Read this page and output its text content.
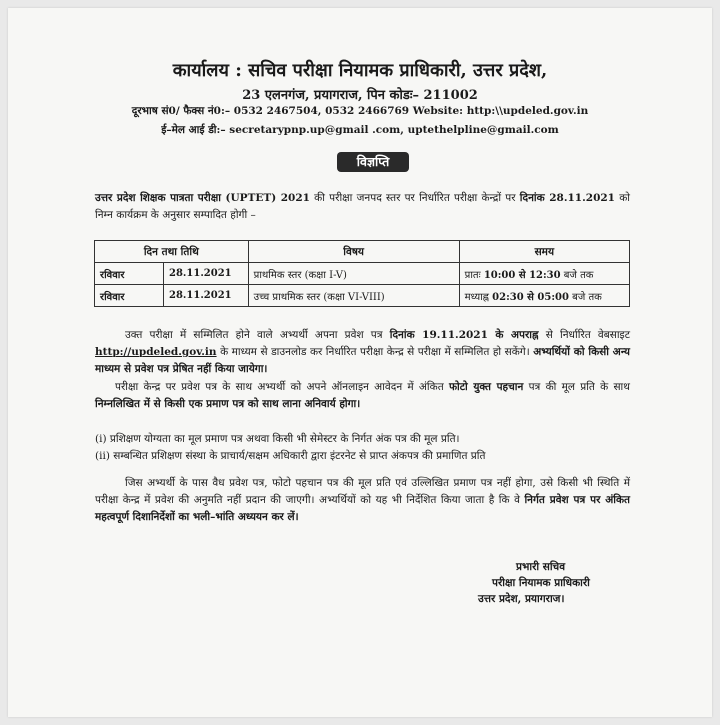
कार्यालय : सचिव परीक्षा नियामक प्राधिकारी, उत्तर प्रदेश,
23 एलनगंज, प्रयागराज, पिन कोडः– 211002
दूरभाष सं0/ फैक्स नं0:– 0532 2467504, 0532 2466769 Website: http:\\updeled.gov.in
ई–मेल आई डी:– secretarypnp.up@gmail .com, uptethelpline@gmail.com
विज्ञप्ति
उत्तर प्रदेश शिक्षक पात्रता परीक्षा (UPTET) 2021 की परीक्षा जनपद स्तर पर निर्धारित परीक्षा केन्द्रों पर दिनांक 28.11.2021 को निम्न कार्यक्रम के अनुसार सम्पादित होगी –
दिन तथा तिथि		विषय	समय
रविवार	28.11.2021	प्राथमिक स्तर (कक्षा I-V)	प्रातः 10:00 से 12:30 बजे तक
रविवार	28.11.2021	उच्च प्राथमिक स्तर (कक्षा VI-VIII)	मध्याह्न 02:30 से 05:00 बजे तक
उक्त परीक्षा में सम्मिलित होने वाले अभ्यर्थी अपना प्रवेश पत्र दिनांक 19.11.2021 के अपराह्न से निर्धारित वेबसाइट http://updeled.gov.in के माध्यम से डाउनलोड कर निर्धारित परीक्षा केन्द्र से परीक्षा में सम्मिलित हो सकेंगे। अभ्यर्थियों को किसी अन्य माध्यम से प्रवेश पत्र प्रेषित नहीं किया जायेगा।
परीक्षा केन्द्र पर प्रवेश पत्र के साथ अभ्यर्थी को अपने ऑनलाइन आवेदन में अंकित फोटो युक्त पहचान पत्र की मूल प्रति के साथ निम्नलिखित में से किसी एक प्रमाण पत्र को साथ लाना अनिवार्य होगा।
(i) प्रशिक्षण योग्यता का मूल प्रमाण पत्र अथवा किसी भी सेमेस्टर के निर्गत अंक पत्र की मूल प्रति।
(ii) सम्बन्धित प्रशिक्षण संस्था के प्राचार्य/सक्षम अधिकारी द्वारा इंटरनेट से प्राप्त अंकपत्र की प्रमाणित प्रति
जिस अभ्यर्थी के पास वैध प्रवेश पत्र, फोटो पहचान पत्र की मूल प्रति एवं उल्लिखित प्रमाण पत्र नहीं होगा, उसे किसी भी स्थिति में परीक्षा केन्द्र में प्रवेश की अनुमति नहीं प्रदान की जाएगी। अभ्यर्थियों को यह भी निर्देशित किया जाता है कि वे निर्गत प्रवेश पत्र पर अंकित महत्वपूर्ण दिशानिर्देशों का भली–भांति अध्ययन कर लें।
प्रभारी सचिव
परीक्षा नियामक प्राधिकारी
उत्तर प्रदेश, प्रयागराज।
